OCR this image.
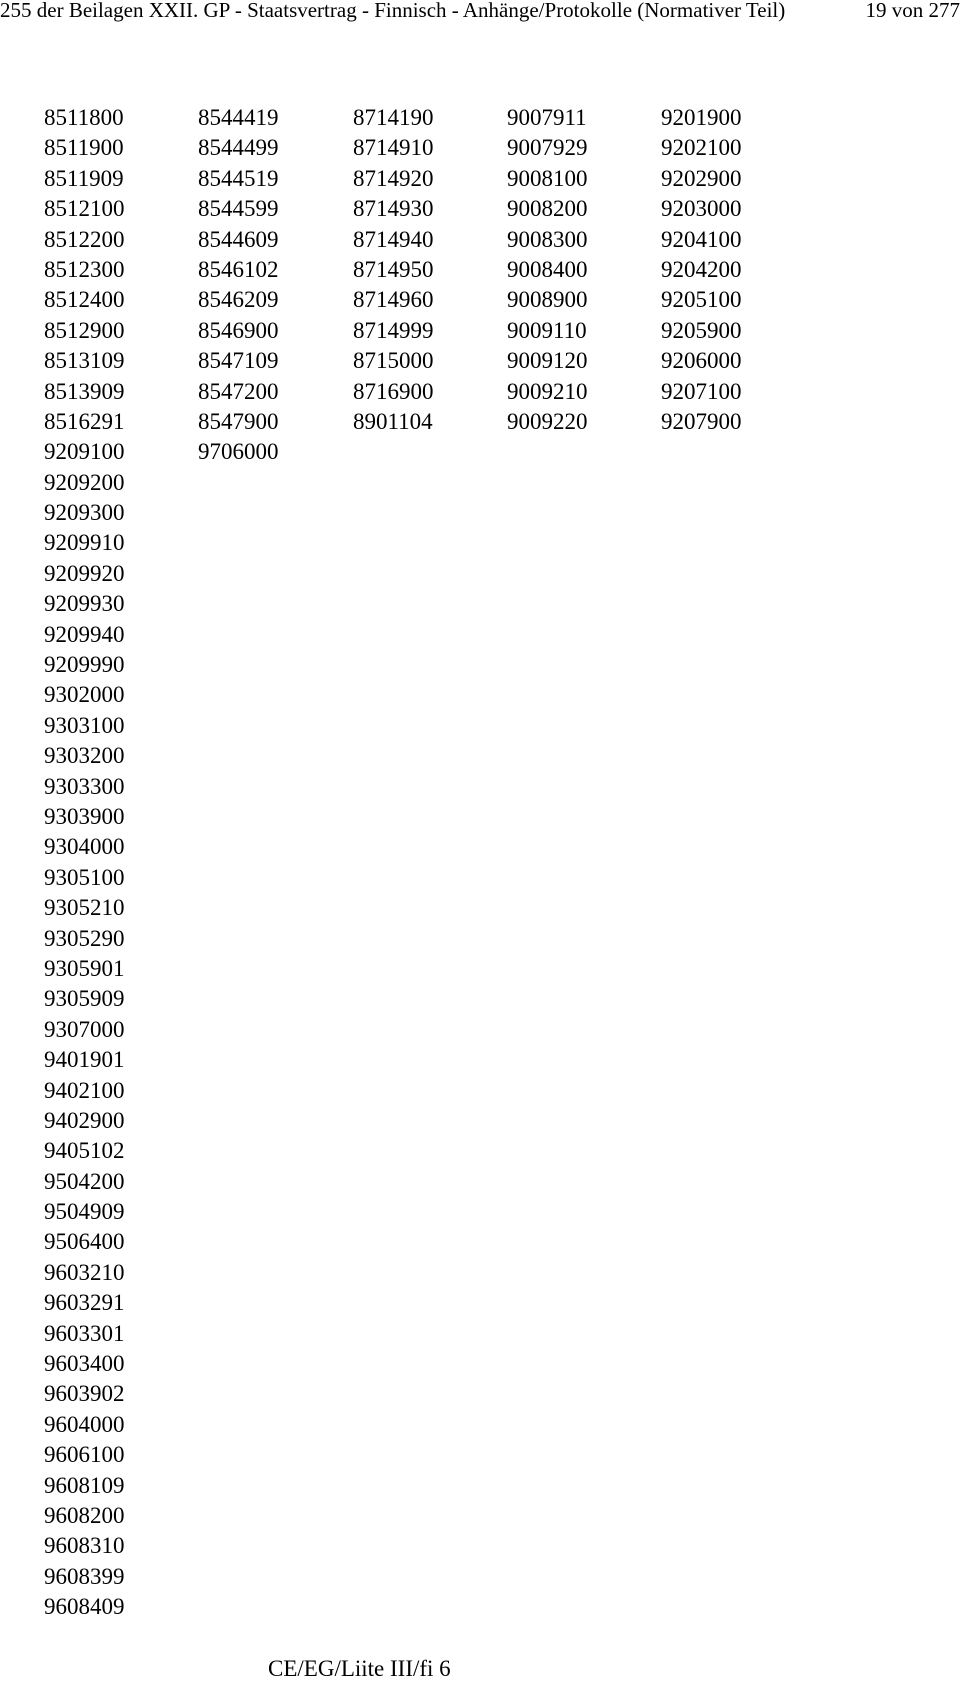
255 der Beilagen XXII. GP - Staatsvertrag - Finnisch - Anhänge/Protokolle (Normativer Teil)	19 von 277
8511800
8511900
8511909
8512100
8512200
8512300
8512400
8512900
8513109
8513909
8516291
9209100
9209200
9209300
9209910
9209920
9209930
9209940
9209990
9302000
9303100
9303200
9303300
9303900
9304000
9305100
9305210
9305290
9305901
9305909
9307000
9401901
9402100
9402900
9405102
9504200
9504909
9506400
9603210
9603291
9603301
9603400
9603902
9604000
9606100
9608109
9608200
9608310
9608399
9608409
8544419
8544499
8544519
8544599
8544609
8546102
8546209
8546900
8547109
8547200
8547900
9706000
8714190
8714910
8714920
8714930
8714940
8714950
8714960
8714999
8715000
8716900
8901104
9007911
9007929
9008100
9008200
9008300
9008400
9008900
9009110
9009120
9009210
9009220
9201900
9202100
9202900
9203000
9204100
9204200
9205100
9205900
9206000
9207100
9207900
CE/EG/Liite III/fi 6
